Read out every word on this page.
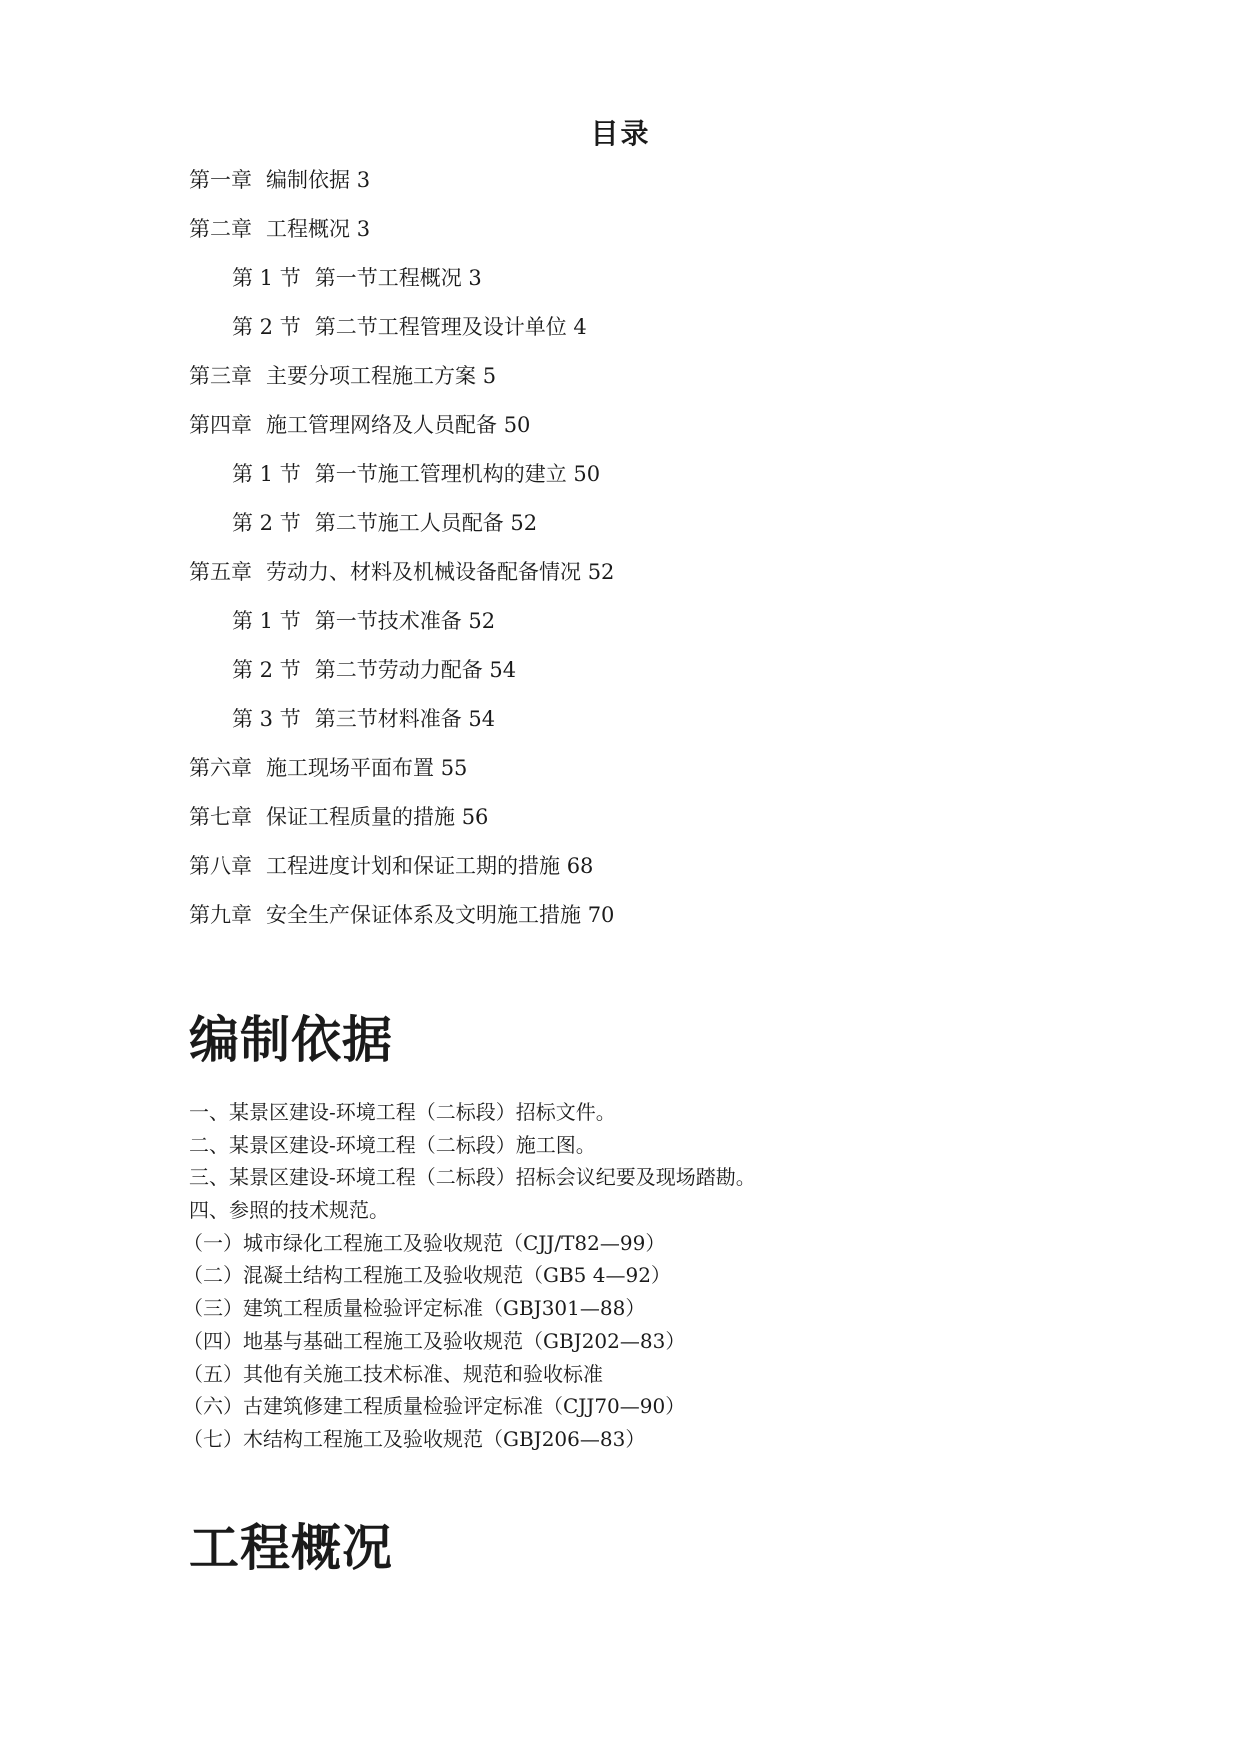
目录
第一章 编制依据 3
第二章 工程概况 3
第 1 节 第一节工程概况 3
第 2 节 第二节工程管理及设计单位 4
第三章 主要分项工程施工方案 5
第四章 施工管理网络及人员配备 50
第 1 节 第一节施工管理机构的建立 50
第 2 节 第二节施工人员配备 52
第五章 劳动力、材料及机械设备配备情况 52
第 1 节 第一节技术准备 52
第 2 节 第二节劳动力配备 54
第 3 节 第三节材料准备 54
第六章 施工现场平面布置 55
第七章 保证工程质量的措施 56
第八章 工程进度计划和保证工期的措施 68
第九章 安全生产保证体系及文明施工措施 70
编制依据
一、某景区建设-环境工程（二标段）招标文件。
二、某景区建设-环境工程（二标段）施工图。
三、某景区建设-环境工程（二标段）招标会议纪要及现场踏勘。
四、参照的技术规范。
（一）城市绿化工程施工及验收规范（CJJ/T82—99）
（二）混凝土结构工程施工及验收规范（GB5 4—92）
（三）建筑工程质量检验评定标准（GBJ301—88）
（四）地基与基础工程施工及验收规范（GBJ202—83）
（五）其他有关施工技术标准、规范和验收标准
（六）古建筑修建工程质量检验评定标准（CJJ70—90）
（七）木结构工程施工及验收规范（GBJ206—83）
工程概况
